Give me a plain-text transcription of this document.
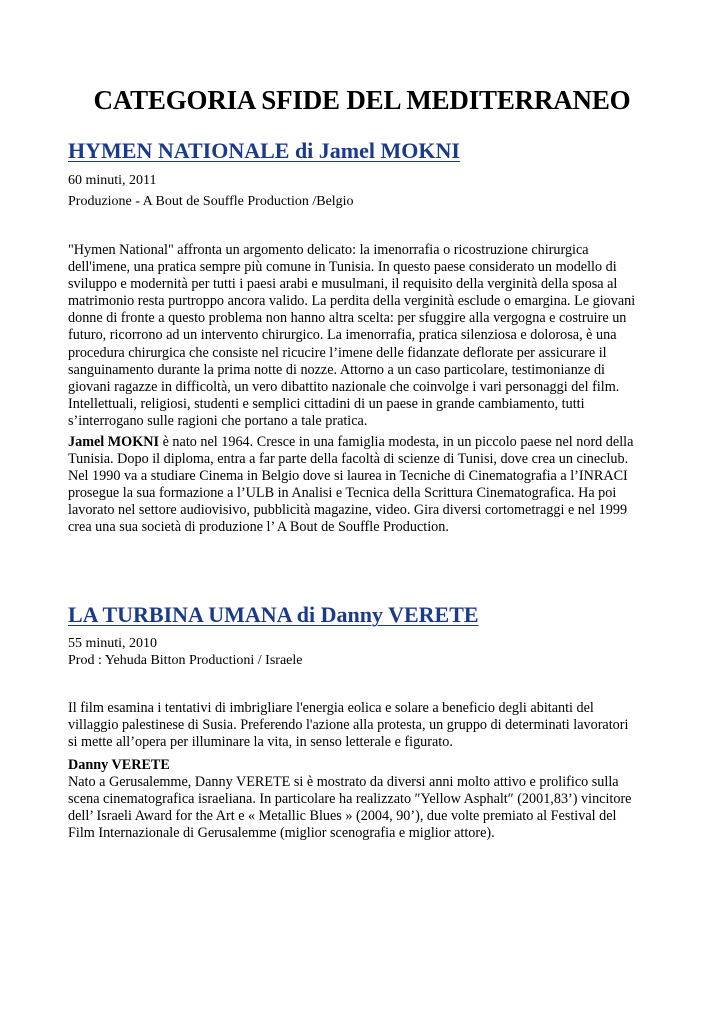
CATEGORIA SFIDE DEL MEDITERRANEO
HYMEN NATIONALE di Jamel MOKNI

60 minuti, 2011

Produzione - A Bout de Souffle Production /Belgio

"Hymen National" affronta un argomento delicato: la imenorrafia o ricostruzione chirurgica
dell'imene, una pratica sempre più comune in Tunisia. In questo paese considerato un modello di
sviluppo e modernità per tutti i paesi arabi e musulmani, il requisito della verginità della sposa al
matrimonio resta purtroppo ancora valido. La perdita della verginità esclude o emargina. Le giovani
donne di fronte a questo problema non hanno altra scelta: per sfuggire alla vergogna e costruire un
futuro, ricorrono ad un intervento chirurgico. La imenorrafia, pratica silenziosa e dolorosa, è una
procedura chirurgica che consiste nel ricucire l’imene delle fidanzate deflorate per assicurare il
sanguinamento durante la prima notte di nozze. Attorno a un caso particolare, testimonianze di
giovani ragazze in difficoltà, un vero dibattito nazionale che coinvolge i vari personaggi del film.
Intellettuali, religiosi, studenti e semplici cittadini di un paese in grande cambiamento, tutti
s’interrogano sulle ragioni che portano a tale pratica.
Jamel MOKNI è nato nel 1964. Cresce in una famiglia modesta, in un piccolo paese nel nord della
Tunisia. Dopo il diploma, entra a far parte della facoltà di scienze di Tunisi, dove crea un cineclub.
Nel 1990 va a studiare Cinema in Belgio dove si laurea in Tecniche di Cinematografia a l’INRACI
prosegue la sua formazione a l’ULB in Analisi e Tecnica della Scrittura Cinematografica. Ha poi
lavorato nel settore audiovisivo, pubblicità magazine, video. Gira diversi cortometraggi e nel 1999
crea una sua società di produzione l’ A Bout de Souffle Production.
LA TURBINA UMANA di Danny VERETE

55 minuti, 2010

Prod : Yehuda Bitton Productioni / Israele

Il film esamina i tentativi di imbrigliare l'energia eolica e solare a beneficio degli abitanti del
villaggio palestinese di Susia. Preferendo l'azione alla protesta, un gruppo di determinati lavoratori
si mette all’opera per illuminare la vita, in senso letterale e figurato.
Danny VERETE
Nato a Gerusalemme, Danny VERETE si è mostrato da diversi anni molto attivo e prolifico sulla
scena cinematografica israeliana. In particolare ha realizzato ″Yellow Asphalt″ (2001,83’) vincitore
dell’ Israeli Award for the Art e « Metallic Blues » (2004, 90’), due volte premiato al Festival del
Film Internazionale di Gerusalemme (miglior scenografia e miglior attore).
